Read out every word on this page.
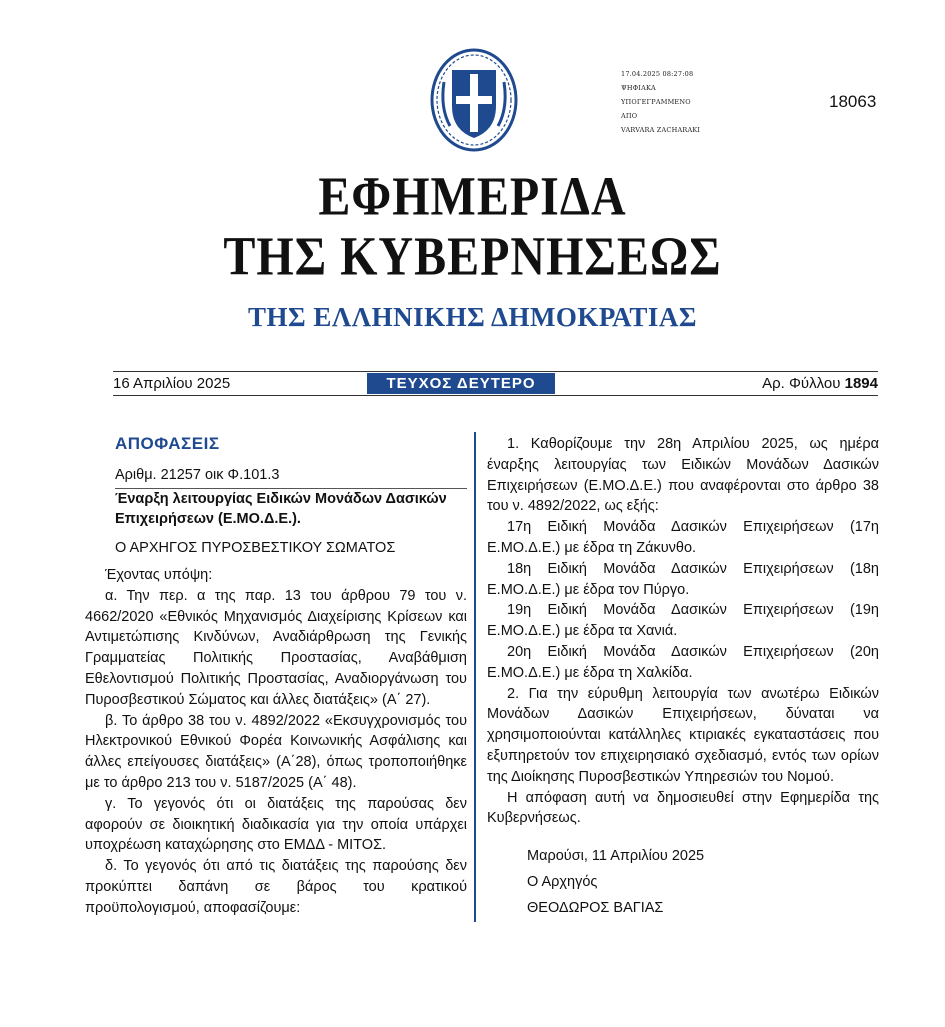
17.04.2025 08:27:08
ΨΗΦΙΑΚΑ
ΥΠΟΓΕΓΡΑΜΜΕΝΟ
ΑΠΟ
VARVARA ZACHARAKI
18063
ΕΦΗΜΕΡΙΔΑ
ΤΗΣ ΚΥΒΕΡΝΗΣΕΩΣ
ΤΗΣ ΕΛΛΗΝΙΚΗΣ ΔΗΜΟΚΡΑΤΙΑΣ
16 Απριλίου 2025	ΤΕΥΧΟΣ ΔΕΥΤΕΡΟ	Αρ. Φύλλου 1894
ΑΠΟΦΑΣΕΙΣ
Αριθμ. 21257 οικ Φ.101.3
Έναρξη λειτουργίας Ειδικών Μονάδων Δασικών Επιχειρήσεων (Ε.ΜΟ.Δ.Ε.).
Ο ΑΡΧΗΓΟΣ ΠΥΡΟΣΒΕΣΤΙΚΟΥ ΣΩΜΑΤΟΣ

Έχοντας υπόψη:

α. Την περ. α της παρ. 13 του άρθρου 79 του ν. 4662/2020 «Εθνικός Μηχανισμός Διαχείρισης Κρίσεων και Αντιμετώπισης Κινδύνων, Αναδιάρθρωση της Γενικής Γραμματείας Πολιτικής Προστασίας, Αναβάθμιση Εθελοντισμού Πολιτικής Προστασίας, Αναδιοργάνωση του Πυροσβεστικού Σώματος και άλλες διατάξεις» (Α΄ 27).

β. Το άρθρο 38 του ν. 4892/2022 «Εκσυγχρονισμός του Ηλεκτρονικού Εθνικού Φορέα Κοινωνικής Ασφάλισης και άλλες επείγουσες διατάξεις» (Α΄28), όπως τροποποιήθηκε με το άρθρο 213 του ν. 5187/2025 (Α΄ 48).

γ. Το γεγονός ότι οι διατάξεις της παρούσας δεν αφορούν σε διοικητική διαδικασία για την οποία υπάρχει υποχρέωση καταχώρησης στο ΕΜΔΔ - ΜΙΤΟΣ.

δ. Το γεγονός ότι από τις διατάξεις της παρούσης δεν προκύπτει δαπάνη σε βάρος του κρατικού προϋπολογισμού, αποφασίζουμε:

1. Καθορίζουμε την 28η Απριλίου 2025, ως ημέρα έναρξης λειτουργίας των Ειδικών Μονάδων Δασικών Επιχειρήσεων (Ε.ΜΟ.Δ.Ε.) που αναφέρονται στο άρθρο 38 του ν. 4892/2022, ως εξής:

17η Ειδική Μονάδα Δασικών Επιχειρήσεων (17η Ε.ΜΟ.Δ.Ε.) με έδρα τη Ζάκυνθο.

18η Ειδική Μονάδα Δασικών Επιχειρήσεων (18η Ε.ΜΟ.Δ.Ε.) με έδρα τον Πύργο.

19η Ειδική Μονάδα Δασικών Επιχειρήσεων (19η Ε.ΜΟ.Δ.Ε.) με έδρα τα Χανιά.

20η Ειδική Μονάδα Δασικών Επιχειρήσεων (20η Ε.ΜΟ.Δ.Ε.) με έδρα τη Χαλκίδα.

2. Για την εύρυθμη λειτουργία των ανωτέρω Ειδικών Μονάδων Δασικών Επιχειρήσεων, δύναται να χρησιμοποιούνται κατάλληλες κτιριακές εγκαταστάσεις που εξυπηρετούν τον επιχειρησιακό σχεδιασμό, εντός των ορίων της Διοίκησης Πυροσβεστικών Υπηρεσιών του Νομού.

Η απόφαση αυτή να δημοσιευθεί στην Εφημερίδα της Κυβερνήσεως.

Μαρούσι, 11 Απριλίου 2025
Ο Αρχηγός
ΘΕΟΔΩΡΟΣ ΒΑΓΙΑΣ
